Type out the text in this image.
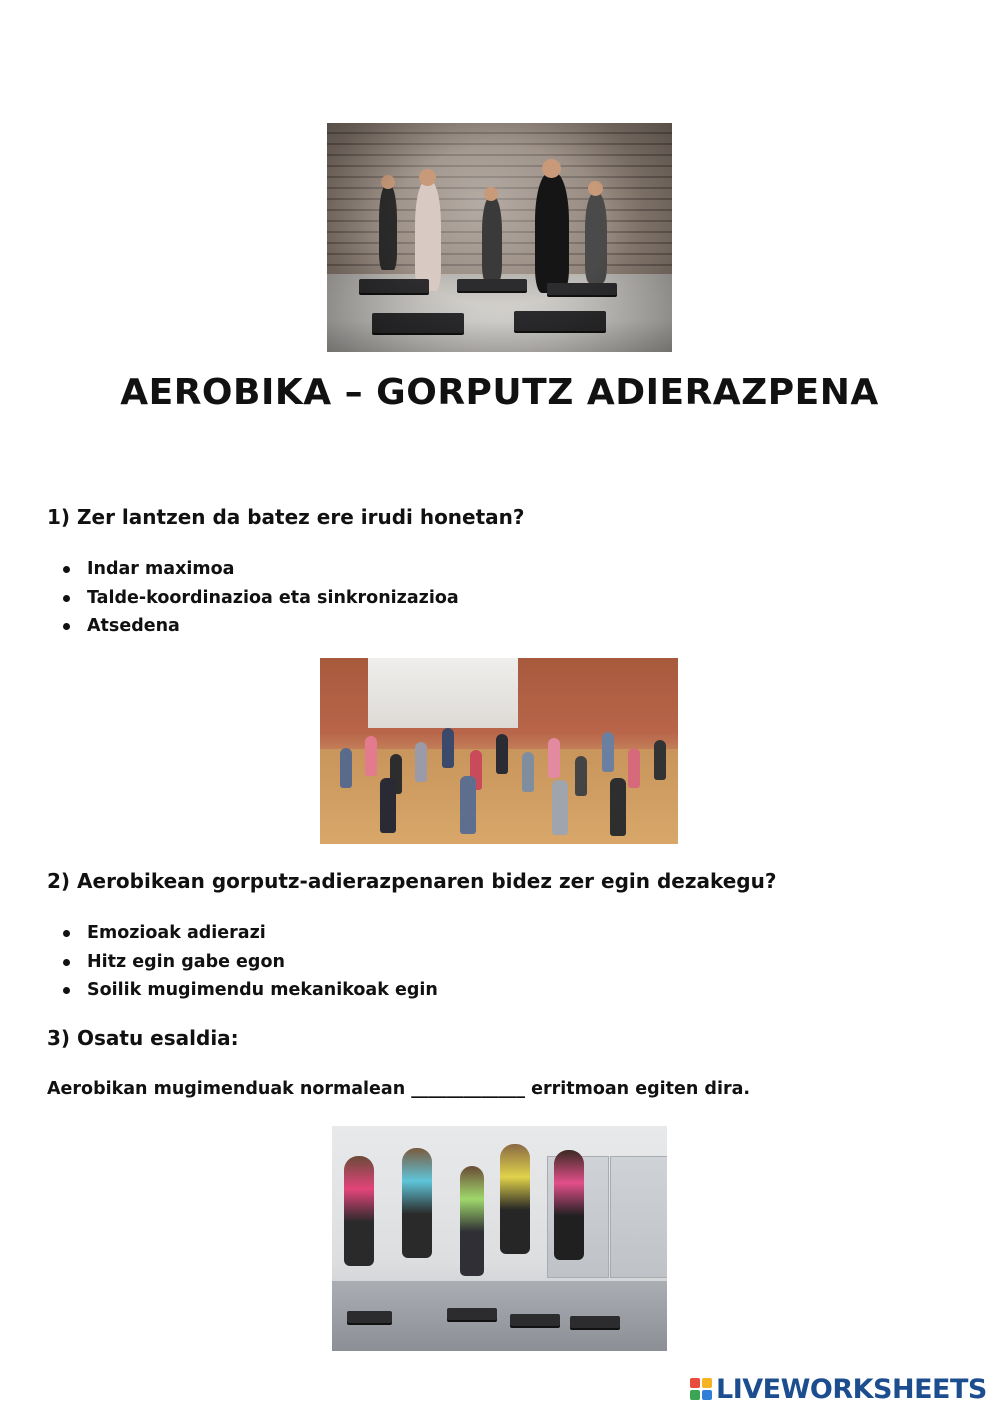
AEROBIKA – GORPUTZ ADIERAZPENA
1) Zer lantzen da batez ere irudi honetan?
Indar maximoa
Talde-koordinazioa eta sinkronizazioa
Atsedena
2) Aerobikean gorputz-adierazpenaren bidez zer egin dezakegu?
Emozioak adierazi
Hitz egin gabe egon
Soilik mugimendu mekanikoak egin
3) Osatu esaldia:
Aerobikan mugimenduak normalean _____________ erritmoan egiten dira.
LIVEWORKSHEETS
